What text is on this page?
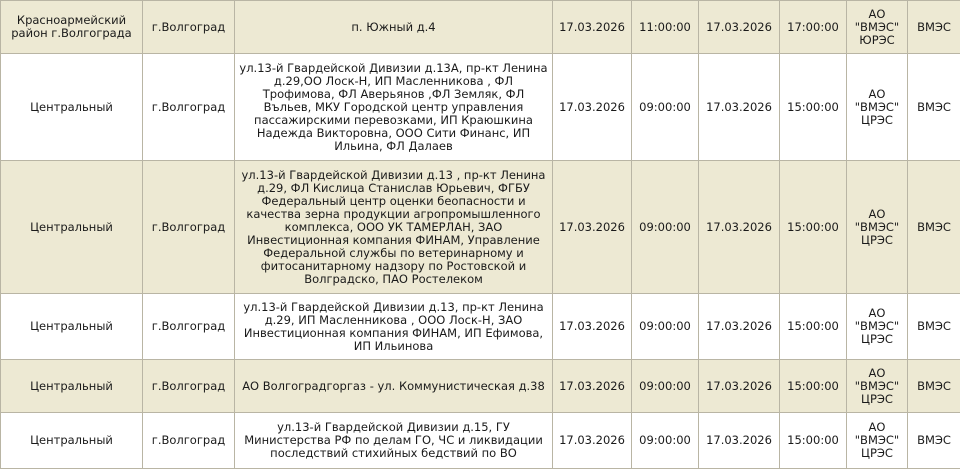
Красноармейский район г.Волгограда	г.Волгоград	п. Южный д.4	17.03.2026	11:00:00	17.03.2026	17:00:00	АО "ВМЭС" ЮРЭС	ВМЭС
Центральный	г.Волгоград	ул.13-й Гвардейской Дивизии д.13А, пр-кт Ленина д.29,ОО Лоск-Н, ИП Масленникова , ФЛ Трофимова, ФЛ Аверьянов ,ФЛ Земляк, ФЛ Въльев, МКУ Городской центр управления пассажирскими перевозками, ИП Краюшкина Надежда Викторовна, ООО Сити Финанс, ИП Ильина, ФЛ Далаев	17.03.2026	09:00:00	17.03.2026	15:00:00	АО "ВМЭС" ЦРЭС	ВМЭС
Центральный	г.Волгоград	ул.13-й Гвардейской Дивизии д.13 , пр-кт Ленина д.29, ФЛ Кислица Станислав Юрьевич, ФГБУ Федеральный центр оценки беопасности и качества зерна продукции агропромышленного комплекса, ООО УК ТАМЕРЛАН, ЗАО Инвестиционная компания ФИНАМ, Управление Федеральной службы по ветеринарному и фитосанитарному надзору по Ростовской и Волградско, ПАО Ростелеком	17.03.2026	09:00:00	17.03.2026	15:00:00	АО "ВМЭС" ЦРЭС	ВМЭС
Центральный	г.Волгоград	ул.13-й Гвардейской Дивизии д.13, пр-кт Ленина д.29, ИП Масленникова , ООО Лоск-Н, ЗАО Инвестиционная компания ФИНАМ, ИП Ефимова, ИП Ильинова	17.03.2026	09:00:00	17.03.2026	15:00:00	АО "ВМЭС" ЦРЭС	ВМЭС
Центральный	г.Волгоград	АО Волгоградгоргаз - ул. Коммунистическая д.38	17.03.2026	09:00:00	17.03.2026	15:00:00	АО "ВМЭС" ЦРЭС	ВМЭС
Центральный	г.Волгоград	ул.13-й Гвардейской Дивизии д.15, ГУ Министерства РФ по делам ГО, ЧС и ликвидации последствий стихийных бедствий по ВО	17.03.2026	09:00:00	17.03.2026	15:00:00	АО "ВМЭС" ЦРЭС	ВМЭС
